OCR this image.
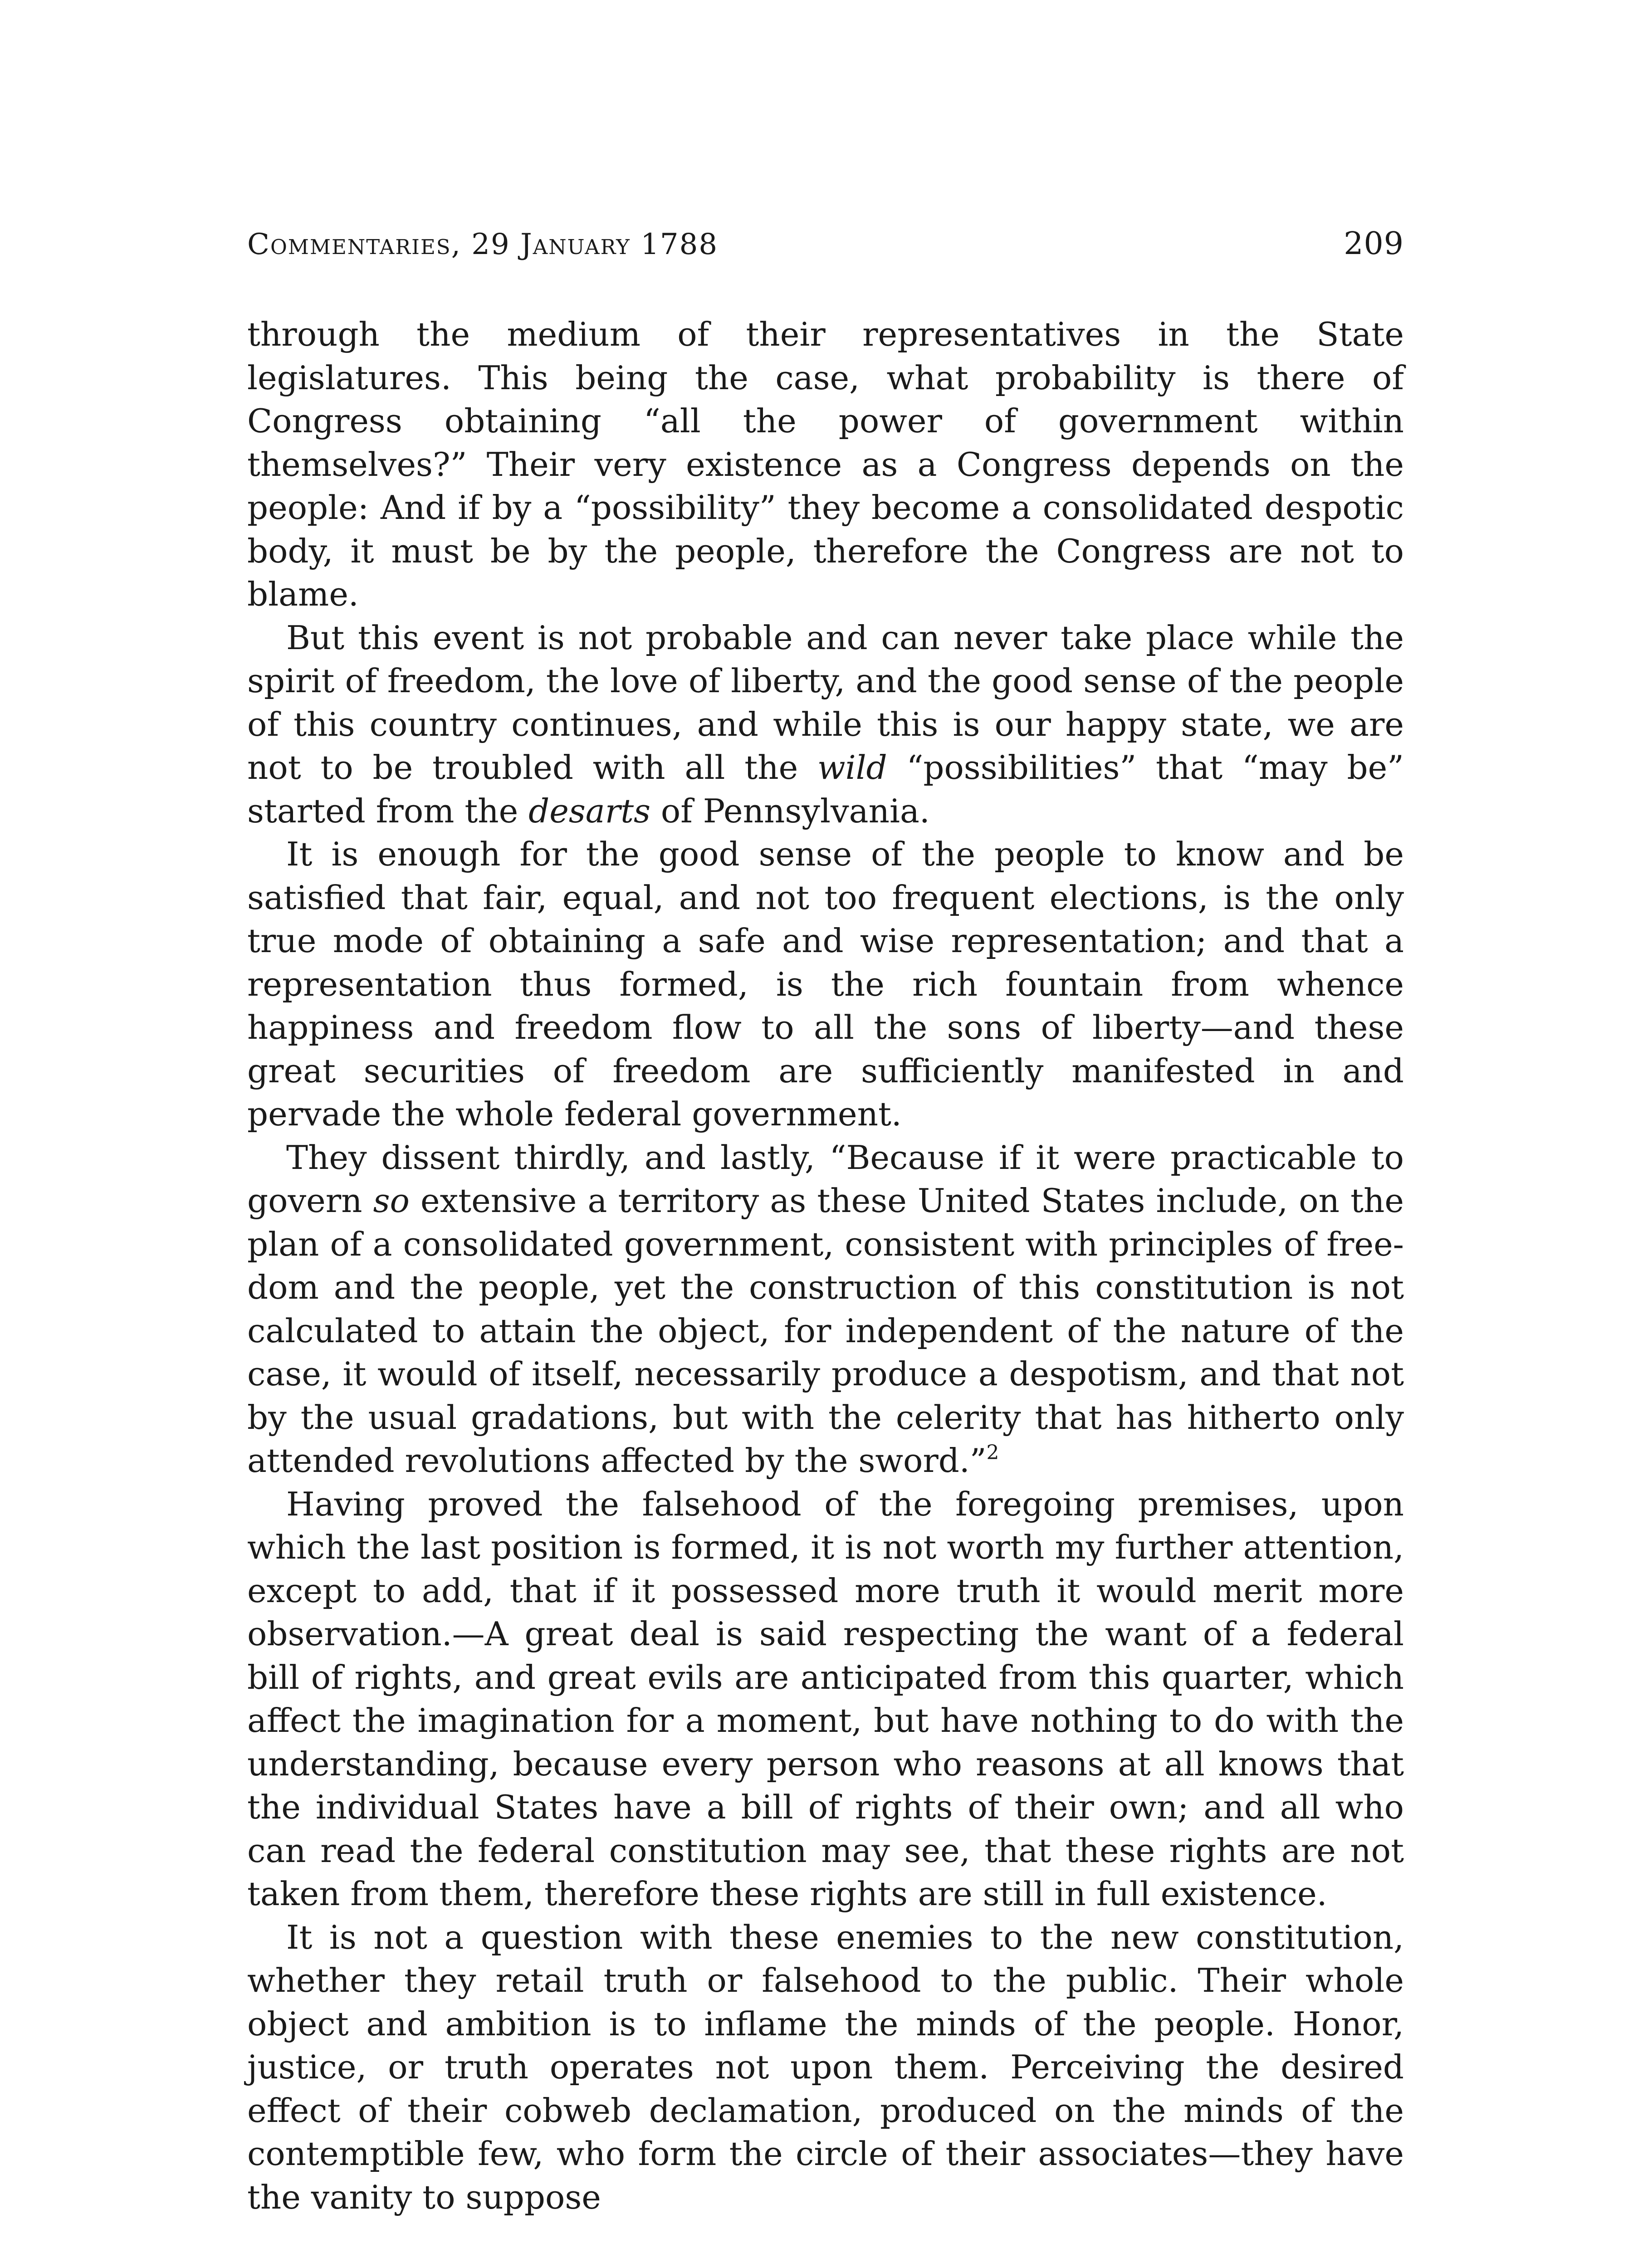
Commentaries, 29 January 1788	209

through the medium of their representatives in the State legislatures. This being the case, what probability is there of Congress obtaining “all the power of government within themselves?” Their very existence as a Congress depends on the people: And if by a “possibility” they become a consolidated despotic body, it must be by the people, therefore the Congress are not to blame.

But this event is not probable and can never take place while the spirit of freedom, the love of liberty, and the good sense of the people of this country continues, and while this is our happy state, we are not to be troubled with all the wild “possibilities” that “may be” started from the desarts of Pennsylvania.

It is enough for the good sense of the people to know and be satisfied that fair, equal, and not too frequent elections, is the only true mode of obtaining a safe and wise representation; and that a representation thus formed, is the rich fountain from whence happiness and freedom flow to all the sons of liberty—and these great securities of freedom are sufficiently manifested in and pervade the whole federal government.

They dissent thirdly, and lastly, “Because if it were practicable to govern so extensive a territory as these United States include, on the plan of a consolidated government, consistent with principles of freedom and the people, yet the construction of this constitution is not calculated to attain the object, for independent of the nature of the case, it would of itself, necessarily produce a despotism, and that not by the usual gradations, but with the celerity that has hitherto only attended revolutions affected by the sword.”$^2$

Having proved the falsehood of the foregoing premises, upon which the last position is formed, it is not worth my further attention, except to add, that if it possessed more truth it would merit more observation.—A great deal is said respecting the want of a federal bill of rights, and great evils are anticipated from this quarter, which affect the imagination for a moment, but have nothing to do with the understanding, because every person who reasons at all knows that the individual States have a bill of rights of their own; and all who can read the federal constitution may see, that these rights are not taken from them, therefore these rights are still in full existence.

It is not a question with these enemies to the new constitution, whether they retail truth or falsehood to the public. Their whole object and ambition is to inflame the minds of the people. Honor, justice, or truth operates not upon them. Perceiving the desired effect of their cobweb declamation, produced on the minds of the contemptible few, who form the circle of their associates—they have the vanity to suppose
